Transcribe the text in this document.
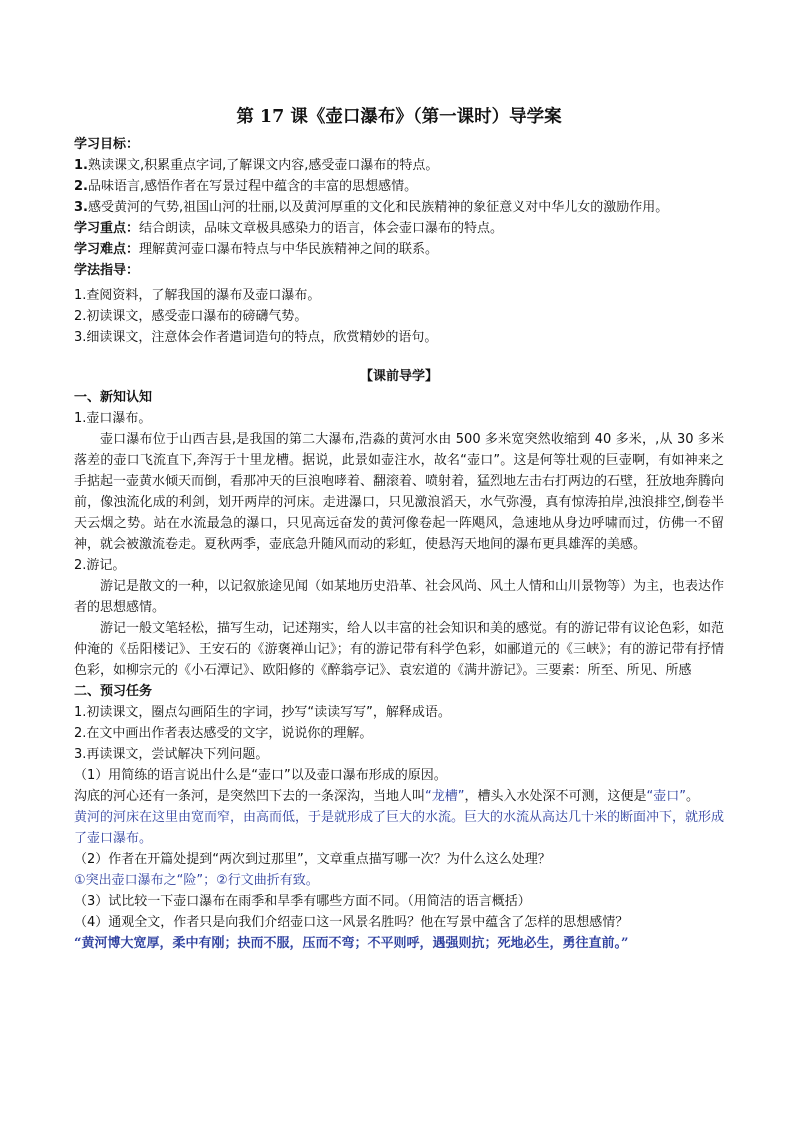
第 17 课《壶口瀑布》（第一课时）导学案
学习目标：
1.熟读课文,积累重点字词,了解课文内容,感受壶口瀑布的特点。
2.品味语言,感悟作者在写景过程中蕴含的丰富的思想感情。
3.感受黄河的气势,祖国山河的壮丽,以及黄河厚重的文化和民族精神的象征意义对中华儿女的激励作用。
学习重点：结合朗读，品味文章极具感染力的语言，体会壶口瀑布的特点。
学习难点：理解黄河壶口瀑布特点与中华民族精神之间的联系。
学法指导：
1.查阅资料，了解我国的瀑布及壶口瀑布。
2.初读课文，感受壶口瀑布的磅礴气势。
3.细读课文，注意体会作者遣词造句的特点，欣赏精妙的语句。
【课前导学】
一、新知认知
1.壶口瀑布。
壶口瀑布位于山西吉县,是我国的第二大瀑布,浩淼的黄河水由 500 多米宽突然收缩到 40 多米，,从 30 多米落差的壶口飞流直下,奔泻于十里龙槽。据说，此景如壶注水，故名“壶口”。这是何等壮观的巨壶啊，有如神来之手掂起一壶黄水倾天而倒，看那冲天的巨浪咆哮着、翻滚着、喷射着，猛烈地左击右打两边的石壁，狂放地奔腾向前，像浊流化成的利剑，划开两岸的河床。走进瀑口，只见激浪滔天，水气弥漫，真有惊涛拍岸,浊浪排空,倒卷半天云烟之势。站在水流最急的瀑口，只见高远奋发的黄河像卷起一阵飓风，急速地从身边呼啸而过，仿佛一不留神，就会被激流卷走。夏秋两季，壶底急升随风而动的彩虹，使悬泻天地间的瀑布更具雄浑的美感。
2.游记。
游记是散文的一种，以记叙旅途见闻（如某地历史沿革、社会风尚、风土人情和山川景物等）为主，也表达作者的思想感情。
游记一般文笔轻松，描写生动，记述翔实，给人以丰富的社会知识和美的感觉。有的游记带有议论色彩，如范仲淹的《岳阳楼记》、王安石的《游褒禅山记》；有的游记带有科学色彩，如郦道元的《三峡》；有的游记带有抒情色彩，如柳宗元的《小石潭记》、欧阳修的《醉翁亭记》、袁宏道的《满井游记》。三要素：所至、所见、所感
二、预习任务
1.初读课文，圈点勾画陌生的字词，抄写“读读写写”，解释成语。
2.在文中画出作者表达感受的文字，说说你的理解。
3.再读课文，尝试解决下列问题。
（1）用简练的语言说出什么是“壶口”以及壶口瀑布形成的原因。
沟底的河心还有一条河，是突然凹下去的一条深沟，当地人叫“龙槽”，槽头入水处深不可测，这便是“壶口”。
黄河的河床在这里由宽而窄，由高而低，于是就形成了巨大的水流。巨大的水流从高达几十米的断面冲下，就形成了壶口瀑布。
（2）作者在开篇处提到“两次到过那里”，文章重点描写哪一次？为什么这么处理？
①突出壶口瀑布之“险”；②行文曲折有致。
（3）试比较一下壶口瀑布在雨季和旱季有哪些方面不同。（用简洁的语言概括）
（4）通观全文，作者只是向我们介绍壶口这一风景名胜吗？他在写景中蕴含了怎样的思想感情？
“黄河博大宽厚，柔中有刚；抉而不服，压而不弯；不平则呼，遇强则抗；死地必生，勇往直前。”
